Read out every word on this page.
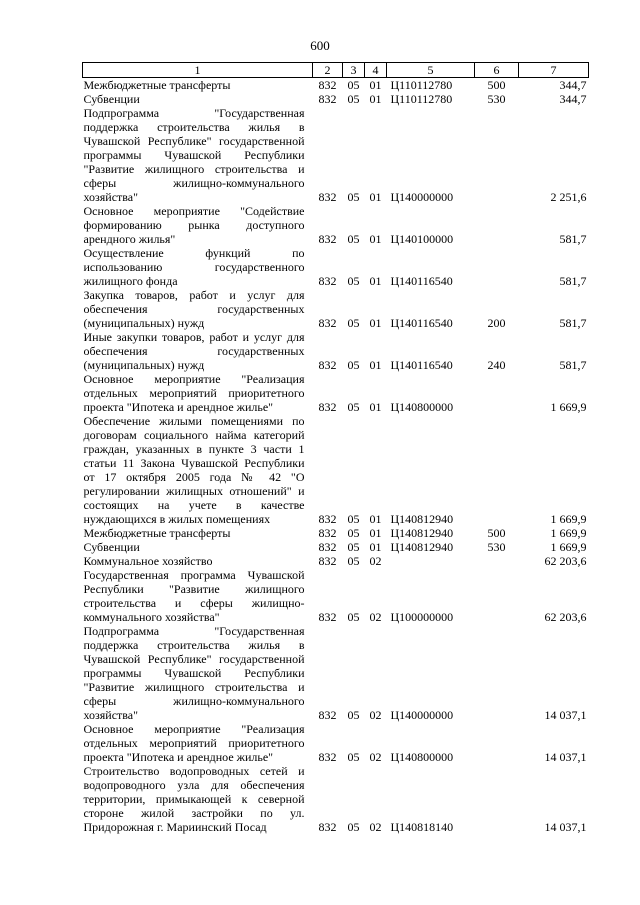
600
1	2	3	4	5	6	7
Межбюджетные трансферты	832	05	01	Ц110112780	500	344,7
Субвенции	832	05	01	Ц110112780	530	344,7
Подпрограмма "Государственная поддержка строительства жилья в Чувашской Республике" государственной программы Чувашской Республики "Развитие жилищного строительства и сферы жилищно-коммунального хозяйства"	832	05	01	Ц140000000		2 251,6
Основное мероприятие "Содействие формированию рынка доступного арендного жилья"	832	05	01	Ц140100000		581,7
Осуществление функций по использованию государственного жилищного фонда	832	05	01	Ц140116540		581,7
Закупка товаров, работ и услуг для обеспечения государственных (муниципальных) нужд	832	05	01	Ц140116540	200	581,7
Иные закупки товаров, работ и услуг для обеспечения государственных (муниципальных) нужд	832	05	01	Ц140116540	240	581,7
Основное мероприятие "Реализация отдельных мероприятий приоритетного проекта "Ипотека и арендное жилье"	832	05	01	Ц140800000		1 669,9
Обеспечение жилыми помещениями по договорам социального найма категорий граждан, указанных в пункте 3 части 1 статьи 11 Закона Чувашской Республики от 17 октября 2005 года № 42 "О регулировании жилищных отношений" и состоящих на учете в качестве нуждающихся в жилых помещениях	832	05	01	Ц140812940		1 669,9
Межбюджетные трансферты	832	05	01	Ц140812940	500	1 669,9
Субвенции	832	05	01	Ц140812940	530	1 669,9
Коммунальное хозяйство	832	05	02			62 203,6
Государственная программа Чувашской Республики "Развитие жилищного строительства и сферы жилищно-коммунального хозяйства"	832	05	02	Ц100000000		62 203,6
Подпрограмма "Государственная поддержка строительства жилья в Чувашской Республике" государственной программы Чувашской Республики "Развитие жилищного строительства и сферы жилищно-коммунального хозяйства"	832	05	02	Ц140000000		14 037,1
Основное мероприятие "Реализация отдельных мероприятий приоритетного проекта "Ипотека и арендное жилье"	832	05	02	Ц140800000		14 037,1
Строительство водопроводных сетей и водопроводного узла для обеспечения территории, примыкающей к северной стороне жилой застройки по ул. Придорожная г. Мариинский Посад	832	05	02	Ц140818140		14 037,1
